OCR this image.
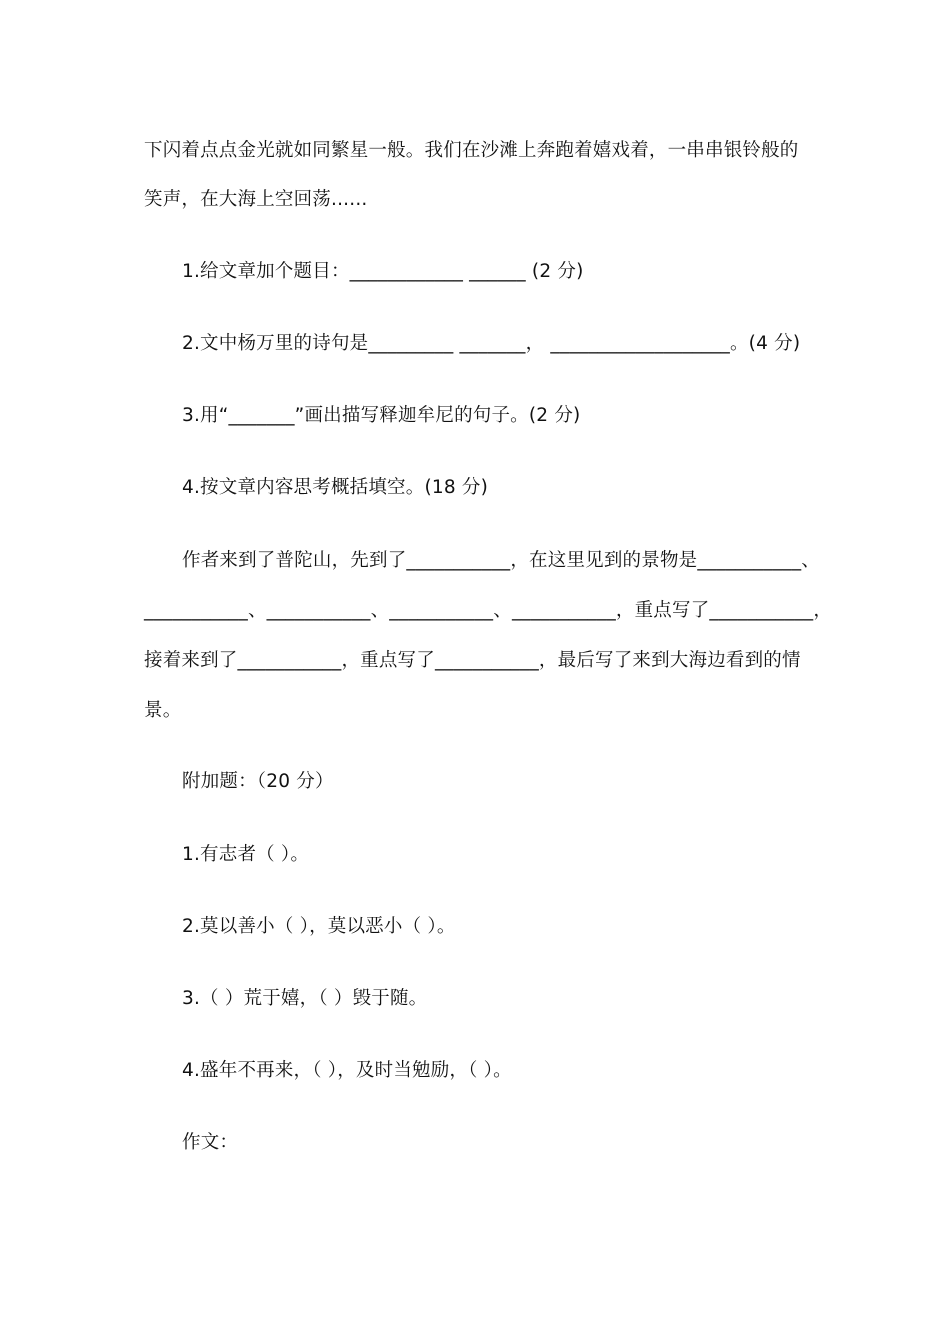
下闪着点点金光就如同繁星一般。我们在沙滩上奔跑着嬉戏着，一串串银铃般的
笑声，在大海上空回荡......
1.给文章加个题目：____________ ______ (2 分)
2.文中杨万里的诗句是_________ _______， ___________________。(4 分)
3.用“_______”画出描写释迦牟尼的句子。(2 分)
4.按文章内容思考概括填空。(18 分)
作者来到了普陀山，先到了___________，在这里见到的景物是___________、
___________、___________、___________、___________，重点写了___________，
接着来到了___________，重点写了___________，最后写了来到大海边看到的情
景。
附加题：（20 分）
1.有志者（ ）。
2.莫以善小（ ），莫以恶小（ ）。
3.（ ）荒于嬉，（ ）毁于随。
4.盛年不再来，（ ），及时当勉励，（ ）。
作文：
